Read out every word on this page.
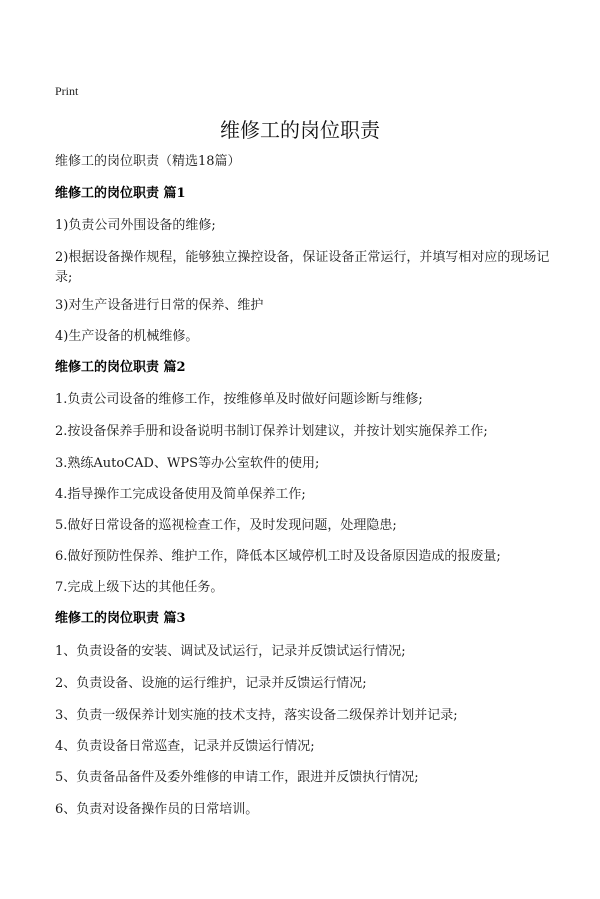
Print
维修工的岗位职责

维修工的岗位职责（精选18篇）

维修工的岗位职责 篇1

1)负责公司外围设备的维修;

2)根据设备操作规程，能够独立操控设备，保证设备正常运行，并填写相对应的现场记录;

3)对生产设备进行日常的保养、维护

4)生产设备的机械维修。

维修工的岗位职责 篇2

1.负责公司设备的维修工作，按维修单及时做好问题诊断与维修;

2.按设备保养手册和设备说明书制订保养计划建议，并按计划实施保养工作;

3.熟练AutoCAD、WPS等办公室软件的使用;

4.指导操作工完成设备使用及简单保养工作;

5.做好日常设备的巡视检查工作，及时发现问题，处理隐患;

6.做好预防性保养、维护工作，降低本区域停机工时及设备原因造成的报废量;

7.完成上级下达的其他任务。

维修工的岗位职责 篇3

1、负责设备的安装、调试及试运行，记录并反馈试运行情况;

2、负责设备、设施的运行维护，记录并反馈运行情况;

3、负责一级保养计划实施的技术支持，落实设备二级保养计划并记录;

4、负责设备日常巡查，记录并反馈运行情况;

5、负责备品备件及委外维修的申请工作，跟进并反馈执行情况;

6、负责对设备操作员的日常培训。
